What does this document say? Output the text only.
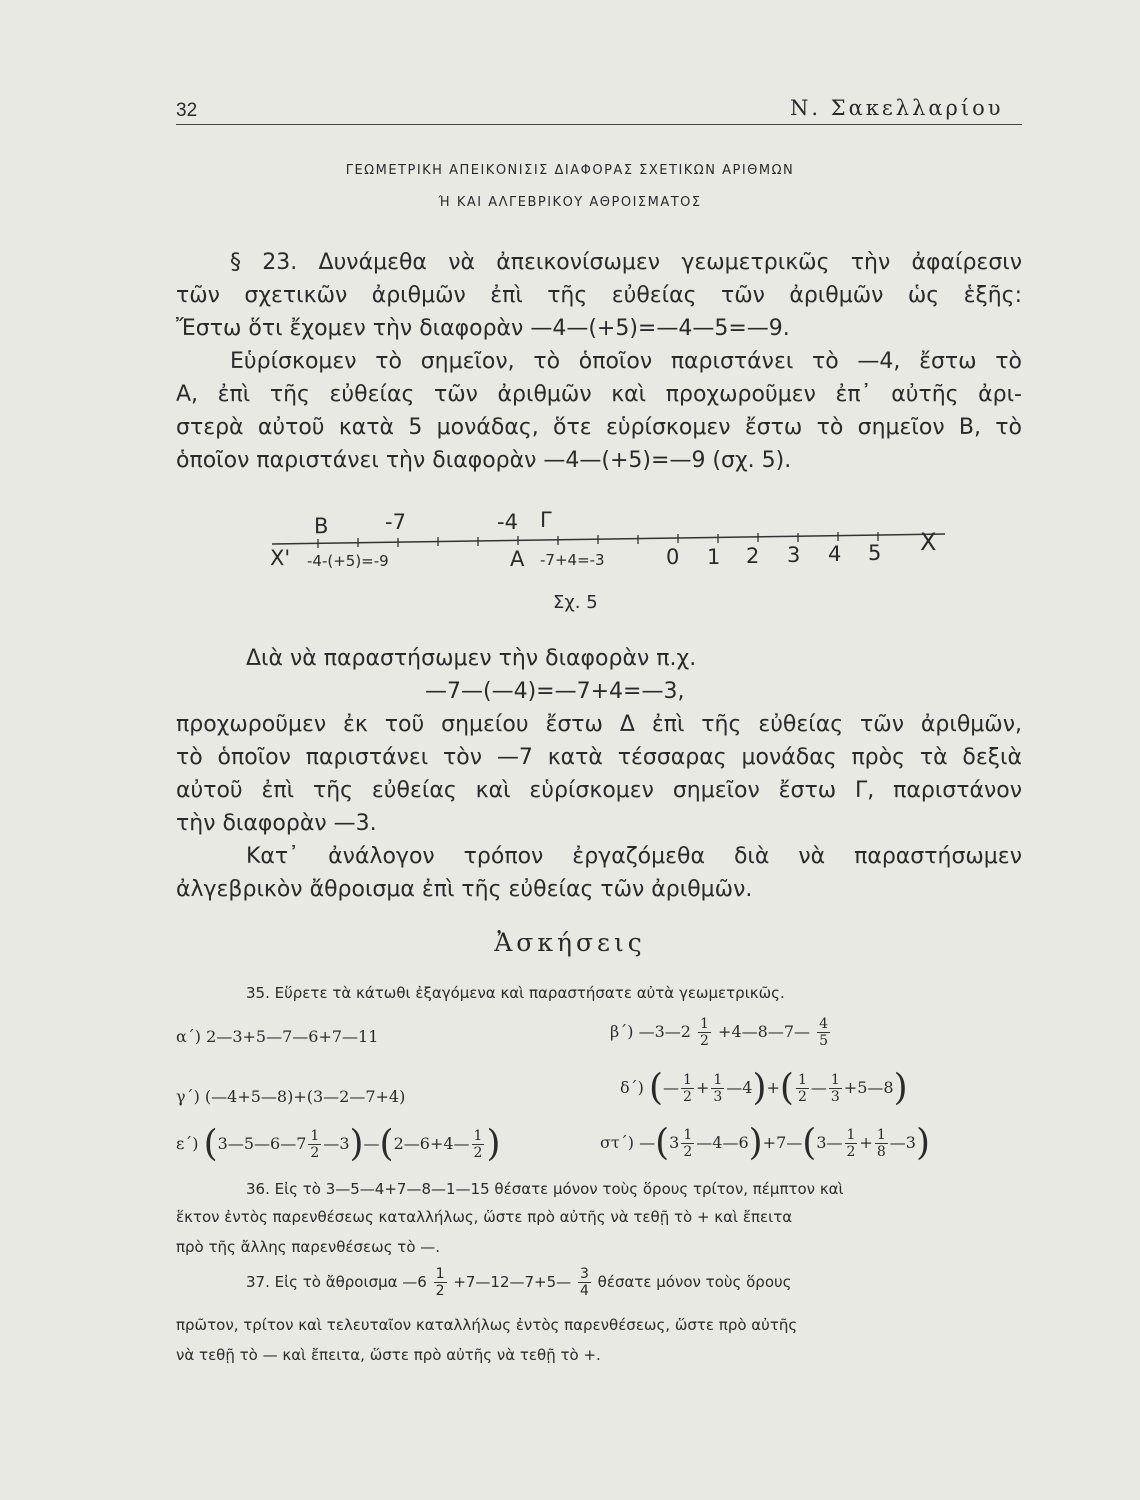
32	Ν. Σακελλαρίου
ΓΕΩΜΕΤΡΙΚΗ ΑΠΕΙΚΟΝΙΣΙΣ ΔΙΑΦΟΡΑΣ ΣΧΕΤΙΚΩΝ ΑΡΙΘΜΩΝ
Ή ΚΑΙ ΑΛΓΕΒΡΙΚΟΥ ΑΘΡΟΙΣΜΑΤΟΣ
§ 23. Δυνάμεθα νὰ ἀπεικονίσωμεν γεωμετρικῶς τὴν ἀφαίρεσιν
τῶν σχετικῶν ἀριθμῶν ἐπὶ τῆς εὐθείας τῶν ἀριθμῶν ὡς ἑξῆς:
Ἔστω ὅτι ἔχομεν τὴν διαφορὰν —4—(+5)=—4—5=—9.
Εὑρίσκομεν τὸ σημεῖον, τὸ ὁποῖον παριστάνει τὸ —4, ἔστω τὸ
Α, ἐπὶ τῆς εὐθείας τῶν ἀριθμῶν καὶ προχωροῦμεν ἐπ᾿ αὐτῆς ἀρι-
στερὰ αὐτοῦ κατὰ 5 μονάδας, ὅτε εὑρίσκομεν ἔστω τὸ σημεῖον Β, τὸ
ὁποῖον παριστάνει τὴν διαφορὰν —4—(+5)=—9 (σχ. 5).
Β	-7	-4 Γ
Χ' -4-(+5)=-9	Α -7+4=-3	0 1 2 3 4 5 Χ
Σχ. 5
Διὰ νὰ παραστήσωμεν τὴν διαφορὰν π.χ.
—7—(—4)=—7+4=—3,
προχωροῦμεν ἐκ τοῦ σημείου ἔστω Δ ἐπὶ τῆς εὐθείας τῶν ἀριθμῶν,
τὸ ὁποῖον παριστάνει τὸν —7 κατὰ τέσσαρας μονάδας πρὸς τὰ δεξιὰ
αὐτοῦ ἐπὶ τῆς εὐθείας καὶ εὑρίσκομεν σημεῖον ἔστω Γ, παριστάνον
τὴν διαφορὰν —3.
Κατ᾿ ἀνάλογον τρόπον ἐργαζόμεθα διὰ νὰ παραστήσωμεν
ἀλγεβρικὸν ἄθροισμα ἐπὶ τῆς εὐθείας τῶν ἀριθμῶν.
Ἀσκήσεις
35. Εὕρετε τὰ κάτωθι ἐξαγόμενα καὶ παραστήσατε αὐτὰ γεωμετρικῶς.
α΄) 2—3+5—7—6+7—11	β΄) —3—2 $\frac{1}{2}$ +4—8—7— $\frac{4}{5}$
γ΄) (—4+5—8)+(3—2—7+4)	δ΄) (— $\frac{1}{2} + \frac{1}{3}$ —4)+( $\frac{1}{2}$ — $\frac{1}{3}$ +5—8)
ε΄) (3—5—6—7 $\frac{1}{2}$ —3)—(2—6+4— $\frac{1}{2}$ )	στ΄) —(3 $\frac{1}{2}$ —4—6)+7—(3— $\frac{1}{2} + \frac{1}{8}$ —3)
36. Εἰς τὸ 3—5—4+7—8—1—15 θέσατε μόνον τοὺς ὅρους τρίτον, πέμπτον καὶ
ἕκτον ἐντὸς παρενθέσεως καταλλήλως, ὥστε πρὸ αὐτῆς νὰ τεθῇ τὸ + καὶ ἔπειτα
πρὸ τῆς ἄλλης παρενθέσεως τὸ —.
37. Εἰς τὸ ἄθροισμα —6 $\frac{1}{2}$ +7—12—7+5— $\frac{3}{4}$ θέσατε μόνον τοὺς ὅρους
πρῶτον, τρίτον καὶ τελευταῖον καταλλήλως ἐντὸς παρενθέσεως, ὥστε πρὸ αὐτῆς
νὰ τεθῇ τὸ — καὶ ἔπειτα, ὥστε πρὸ αὐτῆς νὰ τεθῇ τὸ +.
